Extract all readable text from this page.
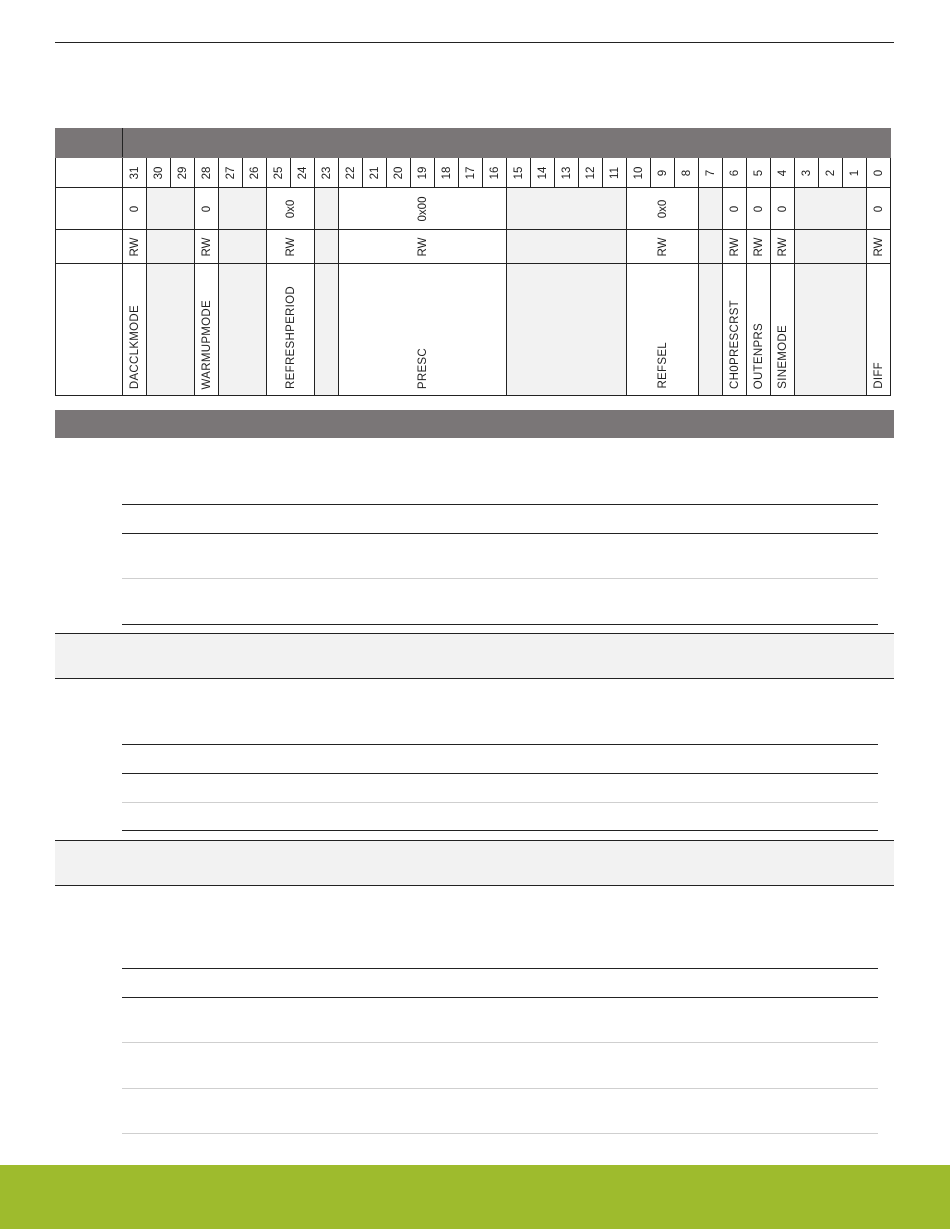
	31	30	29	28	27	26	25	24	23	22	21	20	19	18	17	16	15	14	13	12	11	10	9	8	7	6	5	4	3	2	1	0

	0			0			0x0			0x00												0x0				0	0	0				0

	RW			RW			RW			RW												RW				RW	RW	RW				RW

	DACCLKMODE			WARMUPMODE			REFRESHPERIOD			PRESC												REFSEL				CH0PRESCRST	OUTENPRS	SINEMODE				DIFF
